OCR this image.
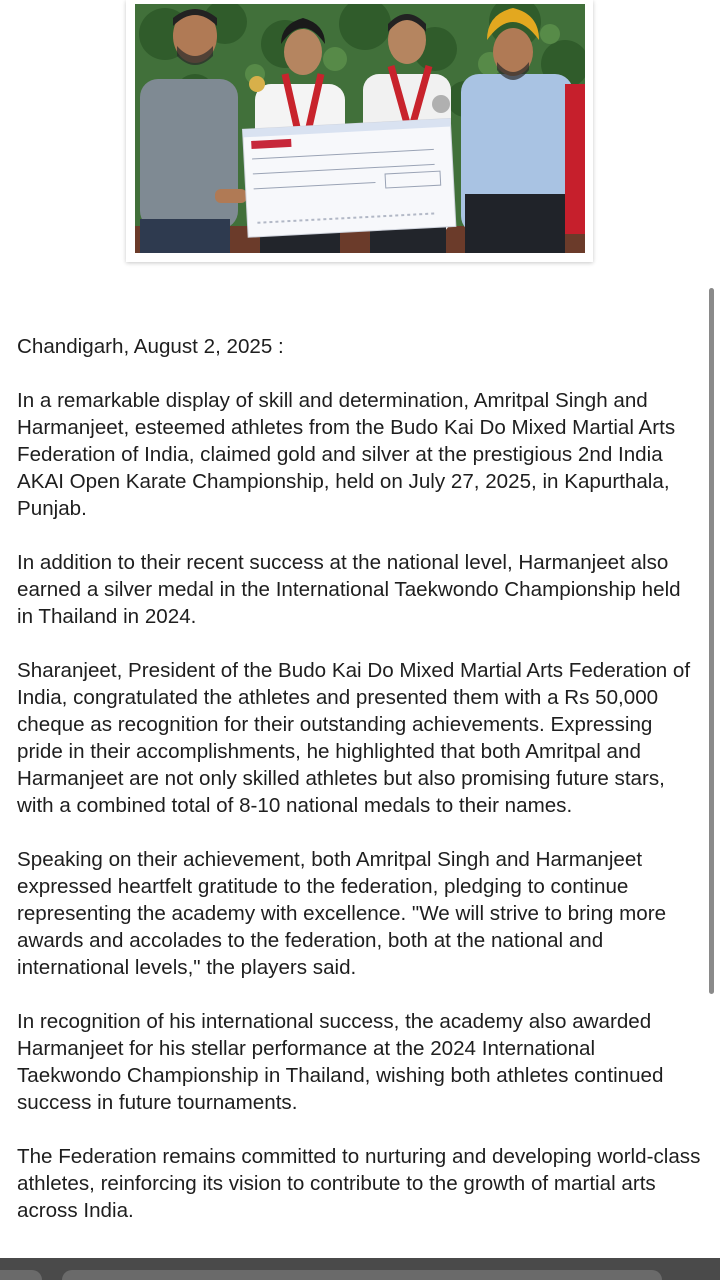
Chandigarh, August 2, 2025 :

In a remarkable display of skill and determination, Amritpal Singh and Harmanjeet, esteemed athletes from the Budo Kai Do Mixed Martial Arts Federation of India, claimed gold and silver at the prestigious 2nd India AKAI Open Karate Championship, held on July 27, 2025, in Kapurthala, Punjab.

In addition to their recent success at the national level, Harmanjeet also earned a silver medal in the International Taekwondo Championship held in Thailand in 2024.

Sharanjeet, President of the Budo Kai Do Mixed Martial Arts Federation of India, congratulated the athletes and presented them with a Rs 50,000 cheque as recognition for their outstanding achievements. Expressing pride in their accomplishments, he highlighted that both Amritpal and Harmanjeet are not only skilled athletes but also promising future stars, with a combined total of 8-10 national medals to their names.

Speaking on their achievement, both Amritpal Singh and Harmanjeet expressed heartfelt gratitude to the federation, pledging to continue representing the academy with excellence. "We will strive to bring more awards and accolades to the federation, both at the national and international levels," the players said.

In recognition of his international success, the academy also awarded Harmanjeet for his stellar performance at the 2024 International Taekwondo Championship in Thailand, wishing both athletes continued success in future tournaments.

The Federation remains committed to nurturing and developing world-class athletes, reinforcing its vision to contribute to the growth of martial arts across India.
